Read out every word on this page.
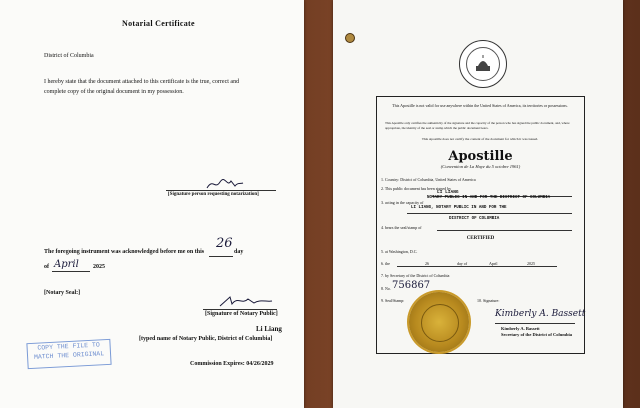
Notarial Certificate
District of Columbia
I hereby state that the document attached to this certificate is the true, correct and
complete copy of the original document in my possession.
[Signature person requesting notarization]
The foregoing instrument was acknowledged before me on this
26
day
of April 2025
[Notary Seal:]
[Signature of Notary Public]
Li Liang
[typed name of Notary Public, District of Columbia]
COPY THE FILE TO
MATCH THE ORIGINAL
Commission Expires: 04/26/2029
This Apostille is not valid for use anywhere within the United States of America, its territories or possessions.
This Apostille only certifies the authenticity of the signature and the capacity of the person who has signed the public document, and, where appropriate, the identity of the seal or stamp which the public document bears.
This Apostille does not certify the content of the document for which it was issued.
Apostille
(Convention de La Haye du 5 octobre 1961)
1. Country: District of Columbia, United States of America
2. This public document has been signed by
LI LIANG
3. acting in the capacity of
NOTARY PUBLIC IN AND FOR THE DISTRICT OF COLUMBIA
LI LIANG, NOTARY PUBLIC IN AND FOR THE
DISTRICT OF COLUMBIA
4. bears the seal/stamp of
CERTIFIED
5. at Washington, D.C.
6. the	26	day of	April	2025
7. by Secretary of the District of Columbia
8. No. 756867
9. Seal/Stamp:	10. Signature:
Kimberly A. Bassett
Kimberly A. Bassett
Secretary of the District of Columbia
